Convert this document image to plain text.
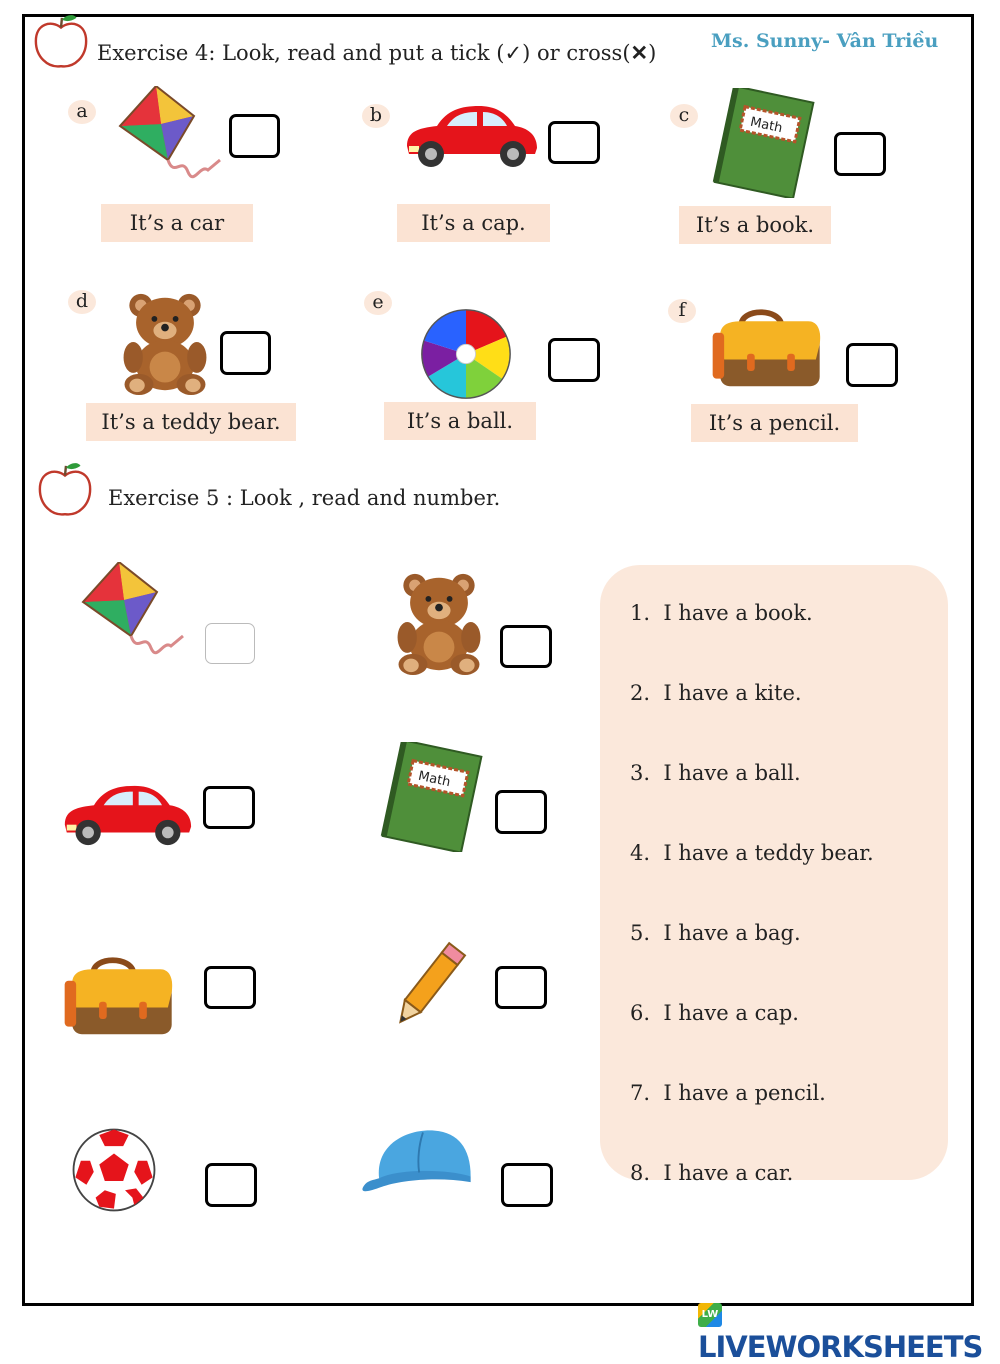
Exercise 4: Look, read and put a tick (✓) or cross(✕)	Ms. Sunny- Vân Triều
a
It’s a car
b
It’s a cap.
c	Math
It’s a book.
d
It’s a teddy bear.
e
It’s a ball.
f
It’s a pencil.
Exercise 5 : Look , read and number.
Math
1. I have a book.
2. I have a kite.
3. I have a ball.
4. I have a teddy bear.
5. I have a bag.
6. I have a cap.
7. I have a pencil.
8. I have a car.
LWLIVEWORKSHEETS
